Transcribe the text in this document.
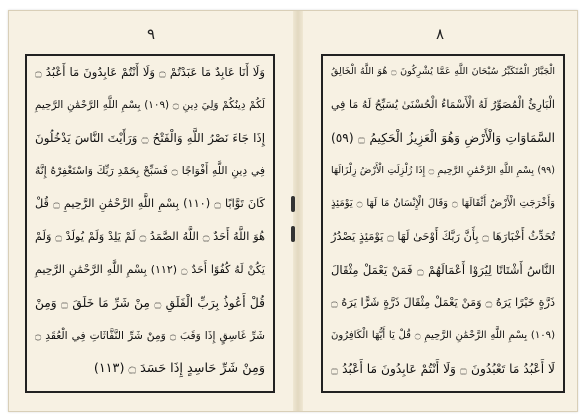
٩
وَلَا أَنَا عَابِدٌ مَا عَبَدْتُمْ ۝ وَلَا أَنْتُمْ عَابِدُونَ مَا أَعْبُدُ ۝
لَكُمْ دِينُكُمْ وَلِيَ دِينِ ۝ (١٠٩) بِسْمِ اللَّهِ الرَّحْمَٰنِ الرَّحِيمِ
إِذَا جَاءَ نَصْرُ اللَّهِ وَالْفَتْحُ ۝ وَرَأَيْتَ النَّاسَ يَدْخُلُونَ
فِي دِينِ اللَّهِ أَفْوَاجًا ۝ فَسَبِّحْ بِحَمْدِ رَبِّكَ وَاسْتَغْفِرْهُ إِنَّهُ
كَانَ تَوَّابًا ۝ (١١٠) بِسْمِ اللَّهِ الرَّحْمَٰنِ الرَّحِيمِ ۝ قُلْ
هُوَ اللَّهُ أَحَدٌ ۝ اللَّهُ الصَّمَدُ ۝ لَمْ يَلِدْ وَلَمْ يُولَدْ ۝ وَلَمْ
يَكُنْ لَهُ كُفُوًا أَحَدٌ ۝ (١١٢) بِسْمِ اللَّهِ الرَّحْمَٰنِ الرَّحِيمِ
قُلْ أَعُوذُ بِرَبِّ الْفَلَقِ ۝ مِنْ شَرِّ مَا خَلَقَ ۝ وَمِنْ
شَرِّ غَاسِقٍ إِذَا وَقَبَ ۝ وَمِنْ شَرِّ النَّفَّاثَاتِ فِي الْعُقَدِ ۝
وَمِنْ شَرِّ حَاسِدٍ إِذَا حَسَدَ ۝ (١١٣)
٨
الْجَبَّارُ الْمُتَكَبِّرُ سُبْحَانَ اللَّهِ عَمَّا يُشْرِكُونَ ۝ هُوَ اللَّهُ الْخَالِقُ
الْبَارِئُ الْمُصَوِّرُ لَهُ الْأَسْمَاءُ الْحُسْنَىٰ يُسَبِّحُ لَهُ مَا فِي
السَّمَاوَاتِ وَالْأَرْضِ وَهُوَ الْعَزِيزُ الْحَكِيمُ ۝ (٥٩)
(٩٩) بِسْمِ اللَّهِ الرَّحْمَٰنِ الرَّحِيمِ ۝ إِذَا زُلْزِلَتِ الْأَرْضُ زِلْزَالَهَا
وَأَخْرَجَتِ الْأَرْضُ أَثْقَالَهَا ۝ وَقَالَ الْإِنْسَانُ مَا لَهَا ۝ يَوْمَئِذٍ
تُحَدِّثُ أَخْبَارَهَا ۝ بِأَنَّ رَبَّكَ أَوْحَىٰ لَهَا ۝ يَوْمَئِذٍ يَصْدُرُ
النَّاسُ أَشْتَاتًا لِيُرَوْا أَعْمَالَهُمْ ۝ فَمَنْ يَعْمَلْ مِثْقَالَ
ذَرَّةٍ خَيْرًا يَرَهُ ۝ وَمَنْ يَعْمَلْ مِثْقَالَ ذَرَّةٍ شَرًّا يَرَهُ ۝
(١٠٩) بِسْمِ اللَّهِ الرَّحْمَٰنِ الرَّحِيمِ ۝ قُلْ يَا أَيُّهَا الْكَافِرُونَ
لَا أَعْبُدُ مَا تَعْبُدُونَ ۝ وَلَا أَنْتُمْ عَابِدُونَ مَا أَعْبُدُ ۝
